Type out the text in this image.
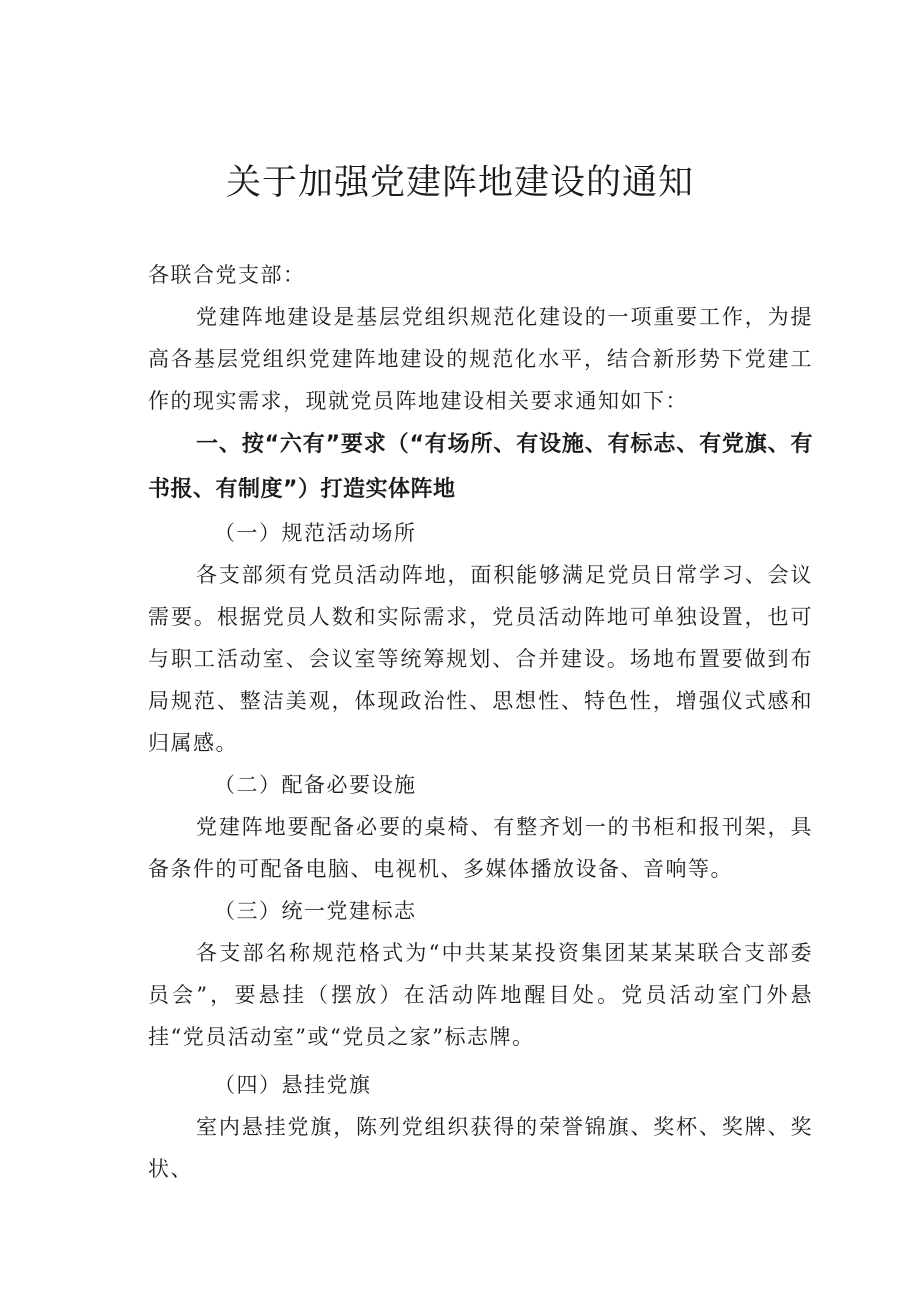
关于加强党建阵地建设的通知

各联合党支部：

党建阵地建设是基层党组织规范化建设的一项重要工作，为提高各基层党组织党建阵地建设的规范化水平，结合新形势下党建工作的现实需求，现就党员阵地建设相关要求通知如下：

一、按“六有”要求（“有场所、有设施、有标志、有党旗、有书报、有制度”）打造实体阵地

（一）规范活动场所

各支部须有党员活动阵地，面积能够满足党员日常学习、会议需要。根据党员人数和实际需求，党员活动阵地可单独设置，也可与职工活动室、会议室等统筹规划、合并建设。场地布置要做到布局规范、整洁美观，体现政治性、思想性、特色性，增强仪式感和归属感。

（二）配备必要设施

党建阵地要配备必要的桌椅、有整齐划一的书柜和报刊架，具备条件的可配备电脑、电视机、多媒体播放设备、音响等。

（三）统一党建标志

各支部名称规范格式为“中共某某投资集团某某某联合支部委员会”，要悬挂（摆放）在活动阵地醒目处。党员活动室门外悬挂“党员活动室”或“党员之家”标志牌。

（四）悬挂党旗

室内悬挂党旗，陈列党组织获得的荣誉锦旗、奖杯、奖牌、奖状、
